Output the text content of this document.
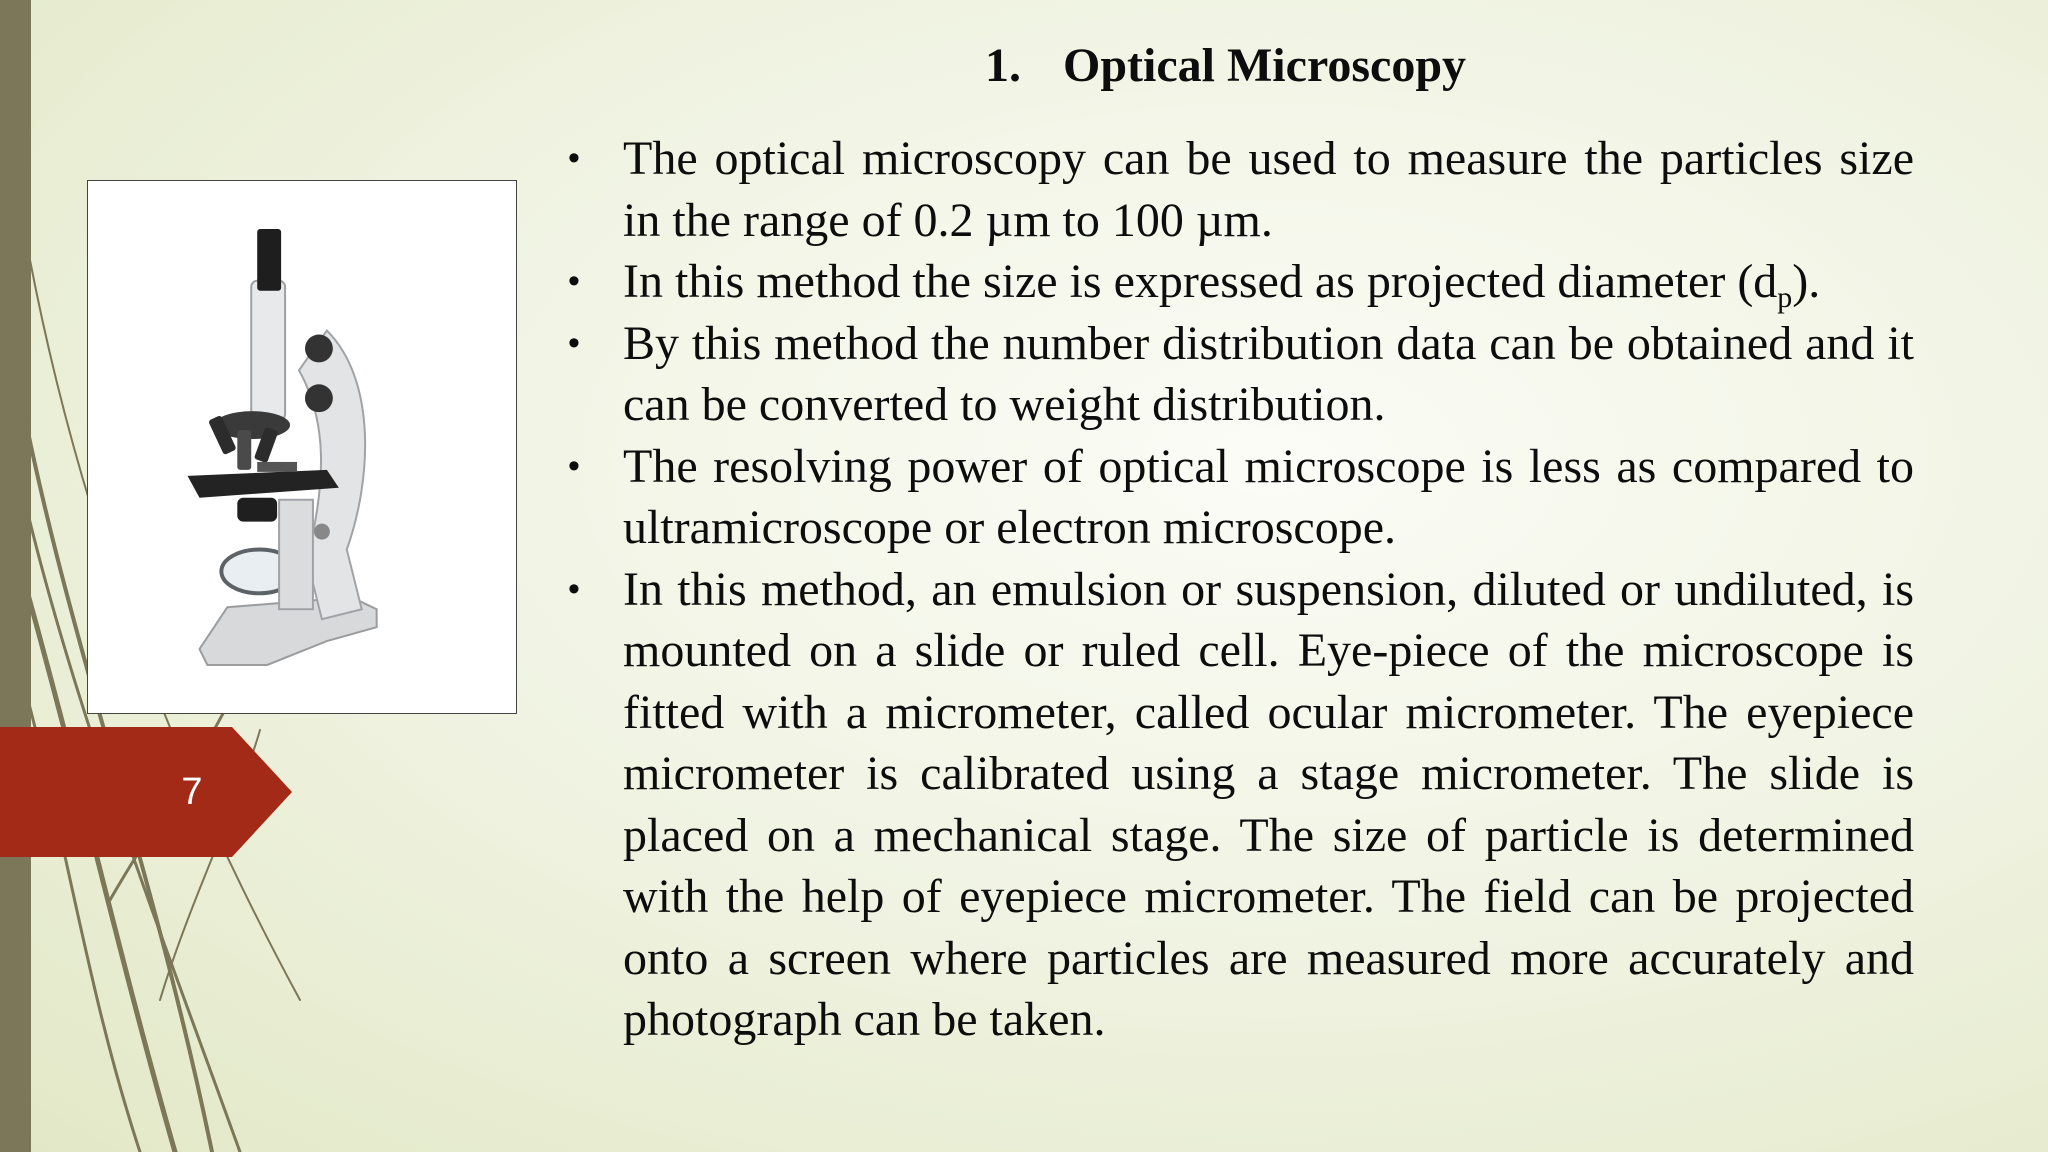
7
1. Optical Microscopy
• The optical microscopy can be used to measure the particles size in the range of 0.2 µm to 100 µm.
• In this method the size is expressed as projected diameter $(d_p)$.
• By this method the number distribution data can be obtained and it can be converted to weight distribution.
• The resolving power of optical microscope is less as compared to ultramicroscope or electron microscope.
• In this method, an emulsion or suspension, diluted or undiluted, is mounted on a slide or ruled cell. Eye-piece of the microscope is fitted with a micrometer, called ocular micrometer. The eyepiece micrometer is calibrated using a stage micrometer. The slide is placed on a mechanical stage. The size of particle is determined with the help of eyepiece micrometer. The field can be projected onto a screen where particles are measured more accurately and photograph can be taken.
